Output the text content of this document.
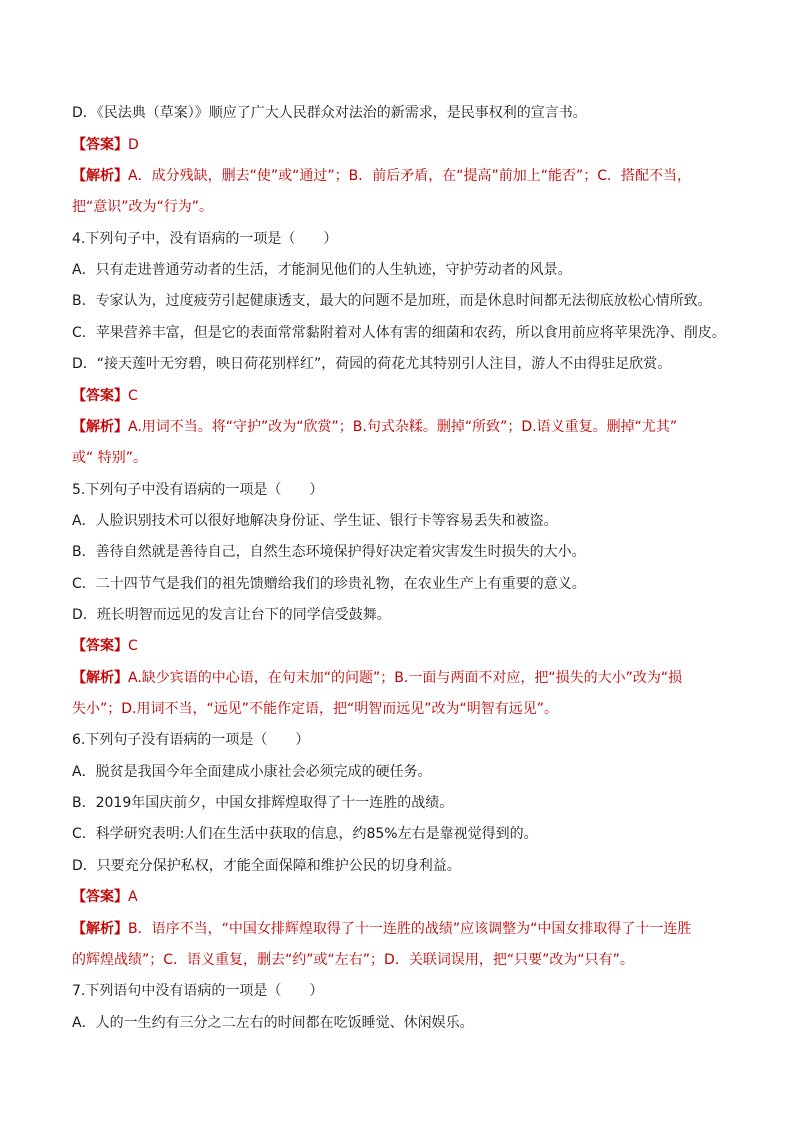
D．《民法典（草案）》顺应了广大人民群众对法治的新需求，是民事权利的宣言书。
【答案】D
【解析】A．成分残缺，删去“使”或“通过”；B．前后矛盾，在“提高”前加上“能否”；C．搭配不当，
把“意识”改为“行为”。
4.下列句子中，没有语病的一项是（　　）
A．只有走进普通劳动者的生活，才能洞见他们的人生轨迹，守护劳动者的风景。
B．专家认为，过度疲劳引起健康透支，最大的问题不是加班，而是休息时间都无法彻底放松心情所致。
C．苹果营养丰富，但是它的表面常常黏附着对人体有害的细菌和农药，所以食用前应将苹果洗净、削皮。
D．“接天莲叶无穷碧，映日荷花别样红”，荷园的荷花尤其特别引人注目，游人不由得驻足欣赏。
【答案】C
【解析】A.用词不当。将“守护”改为“欣赏”；B.句式杂糅。删掉“所致”；D.语义重复。删掉“尤其”
或“ 特别”。
5.下列句子中没有语病的一项是（　　）
A．人脸识别技术可以很好地解决身份证、学生证、银行卡等容易丢失和被盗。
B．善待自然就是善待自己，自然生态环境保护得好决定着灾害发生时损失的大小。
C．二十四节气是我们的祖先馈赠给我们的珍贵礼物，在农业生产上有重要的意义。
D．班长明智而远见的发言让台下的同学信受鼓舞。
【答案】C
【解析】A.缺少宾语的中心语，在句末加“的问题”；B.一面与两面不对应，把“损失的大小”改为“损
失小”；D.用词不当，“远见”不能作定语，把“明智而远见”改为“明智有远见”。
6.下列句子没有语病的一项是（　　）
A．脱贫是我国今年全面建成小康社会必须完成的硬任务。
B．2019年国庆前夕，中国女排辉煌取得了十一连胜的战绩。
C．科学研究表明:人们在生活中获取的信息，约85%左右是靠视觉得到的。
D．只要充分保护私权，才能全面保障和维护公民的切身利益。
【答案】A
【解析】B．语序不当，“中国女排辉煌取得了十一连胜的战绩”应该调整为“中国女排取得了十一连胜
的辉煌战绩”；C．语义重复，删去“约”或“左右”；D．关联词误用，把“只要”改为“只有”。
7.下列语句中没有语病的一项是（　　）
A．人的一生约有三分之二左右的时间都在吃饭睡觉、休闲娱乐。
